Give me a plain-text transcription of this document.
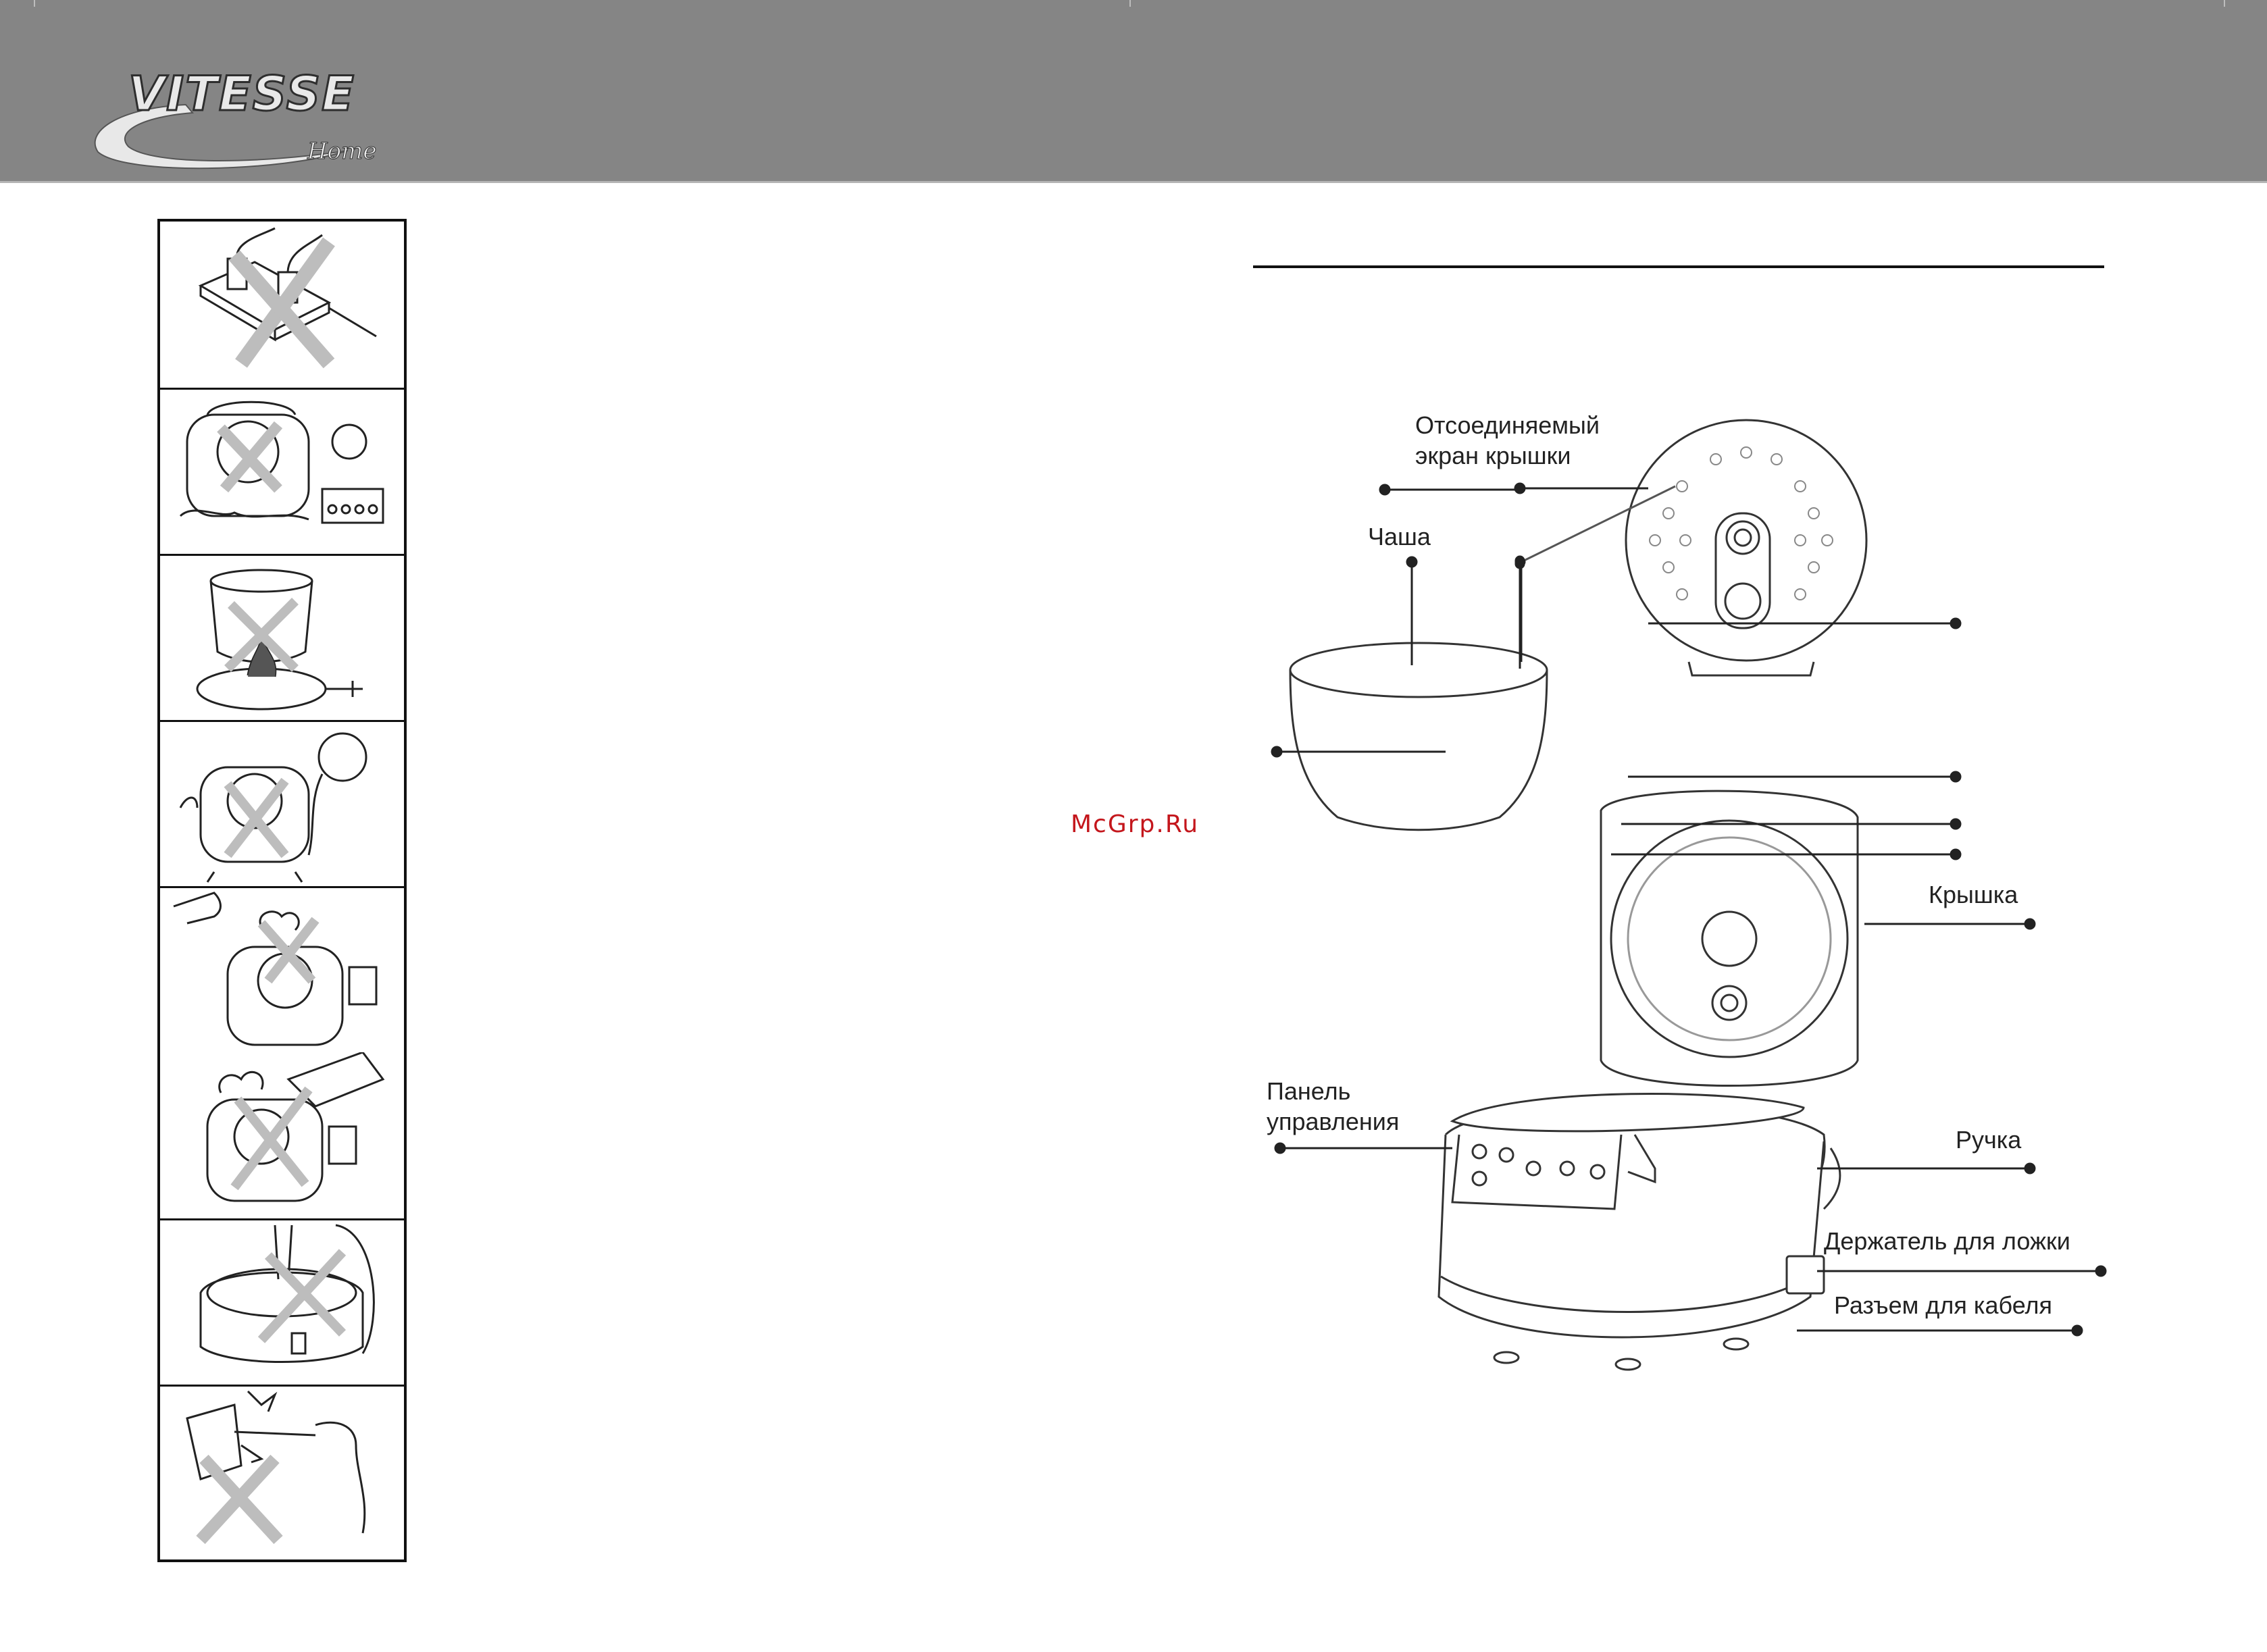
VITESSE
Home
McGrp.Ru
Отсоединяемый
экран крышки
Чаша
Крышка
Панель
управления
Ручка
Держатель для ложки
Разъем для кабеля
